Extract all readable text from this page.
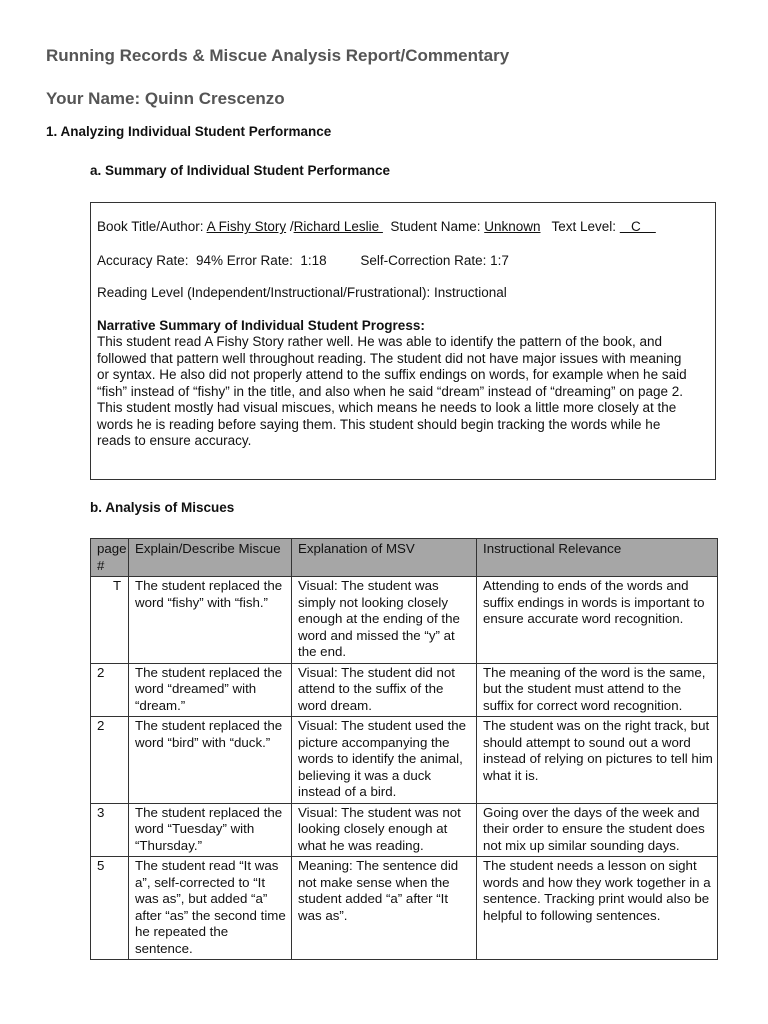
Running Records & Miscue Analysis Report/Commentary
Your Name: Quinn Crescenzo
1. Analyzing Individual Student Performance
a. Summary of Individual Student Performance
Book Title/Author: A Fishy Story /Richard Leslie   Student Name: Unknown   Text Level:    C
Accuracy Rate:  94% Error Rate:  1:18         Self-Correction Rate: 1:7
Reading Level (Independent/Instructional/Frustrational): Instructional
Narrative Summary of Individual Student Progress:
This student read A Fishy Story rather well. He was able to identify the pattern of the book, and
followed that pattern well throughout reading. The student did not have major issues with meaning
or syntax. He also did not properly attend to the suffix endings on words, for example when he said
“fish” instead of “fishy” in the title, and also when he said “dream” instead of “dreaming” on page 2.
This student mostly had visual miscues, which means he needs to look a little more closely at the
words he is reading before saying them. This student should begin tracking the words while he
reads to ensure accuracy.
b. Analysis of Miscues
page #	Explain/Describe Miscue	Explanation of MSV	Instructional Relevance
T	The student replaced the word “fishy” with “fish.”	Visual: The student was simply not looking closely enough at the ending of the word and missed the “y” at the end.	Attending to ends of the words and suffix endings in words is important to ensure accurate word recognition.
2	The student replaced the word “dreamed” with “dream.”	Visual: The student did not attend to the suffix of the word dream.	The meaning of the word is the same, but the student must attend to the suffix for correct word recognition.
2	The student replaced the word “bird” with “duck.”	Visual: The student used the picture accompanying the words to identify the animal, believing it was a duck instead of a bird.	The student was on the right track, but should attempt to sound out a word instead of relying on pictures to tell him what it is.
3	The student replaced the word “Tuesday” with “Thursday.”	Visual: The student was not looking closely enough at what he was reading.	Going over the days of the week and their order to ensure the student does not mix up similar sounding days.
5	The student read “It was a”, self-corrected to “It was as”, but added “a” after “as” the second time he repeated the sentence.	Meaning: The sentence did not make sense when the student added “a” after “It was as”.	The student needs a lesson on sight words and how they work together in a sentence. Tracking print would also be helpful to following sentences.
